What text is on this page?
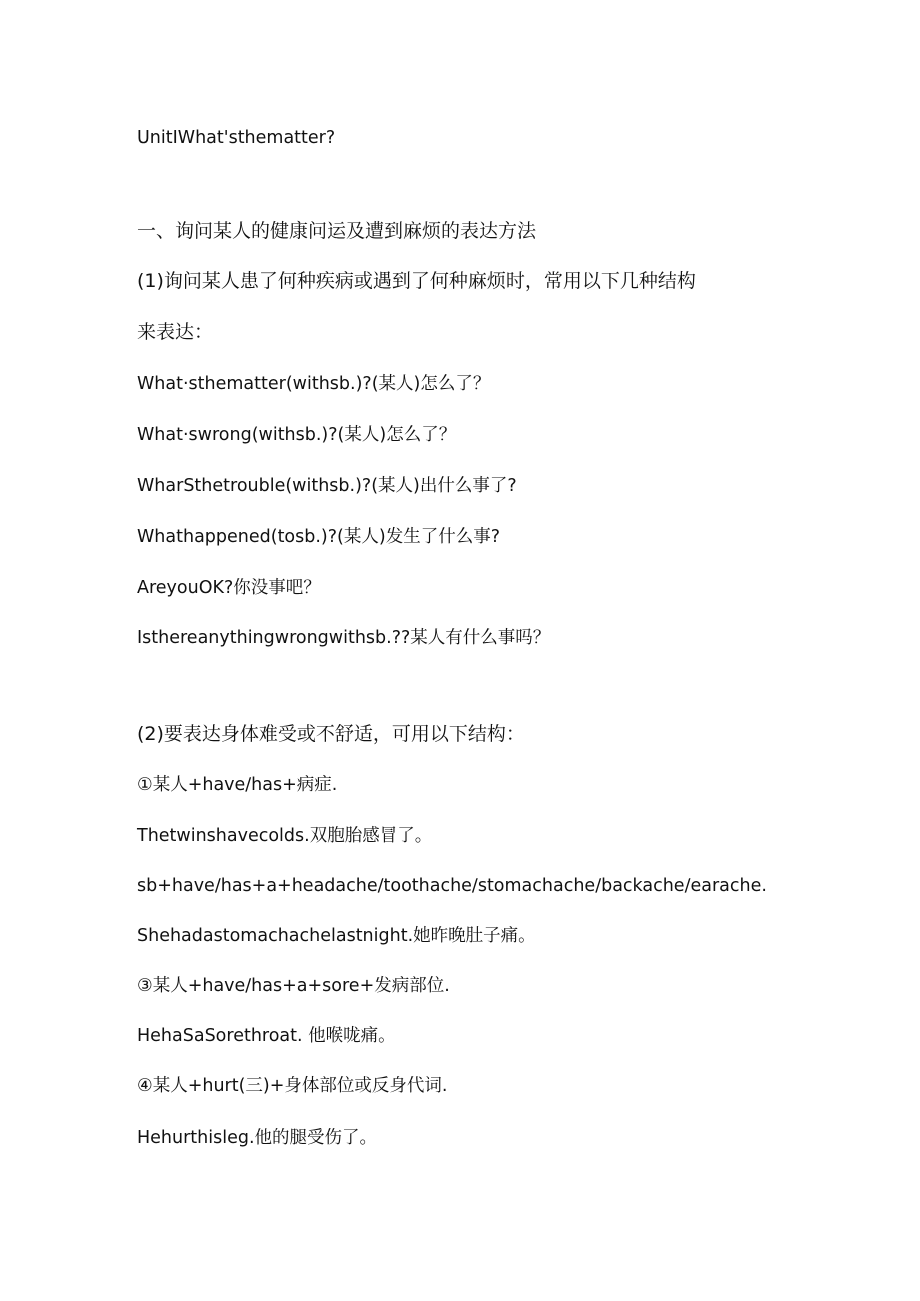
UnitIWhat'sthematter?
一、询问某人的健康问运及遭到麻烦的表达方法
(1)询问某人患了何种疾病或遇到了何种麻烦时，常用以下几种结构
来表达：
What·sthematter(withsb.)?(某人)怎么了？
What·swrong(withsb.)?(某人)怎么了？
WharSthetrouble(withsb.)?(某人)出什么事了?
Whathappened(tosb.)?(某人)发生了什么事?
AreyouOK?你没事吧？
Isthereanythingwrongwithsb.??某人有什么事吗？
(2)要表达身体难受或不舒适，可用以下结构：
①某人+have∕has+病症.
Thetwinshavecolds.双胞胎感冒了。
sb+have∕has+a+headache∕toothache∕stomachache∕backache∕earache.
Shehadastomachachelastnight.她昨晚肚子痛。
③某人+have∕has+a+sore+发病部位.
HehaSaSorethroat. 他喉咙痛。
④某人+hurt(三)+身体部位或反身代词.
Hehurthisleg.他的腿受伤了。
